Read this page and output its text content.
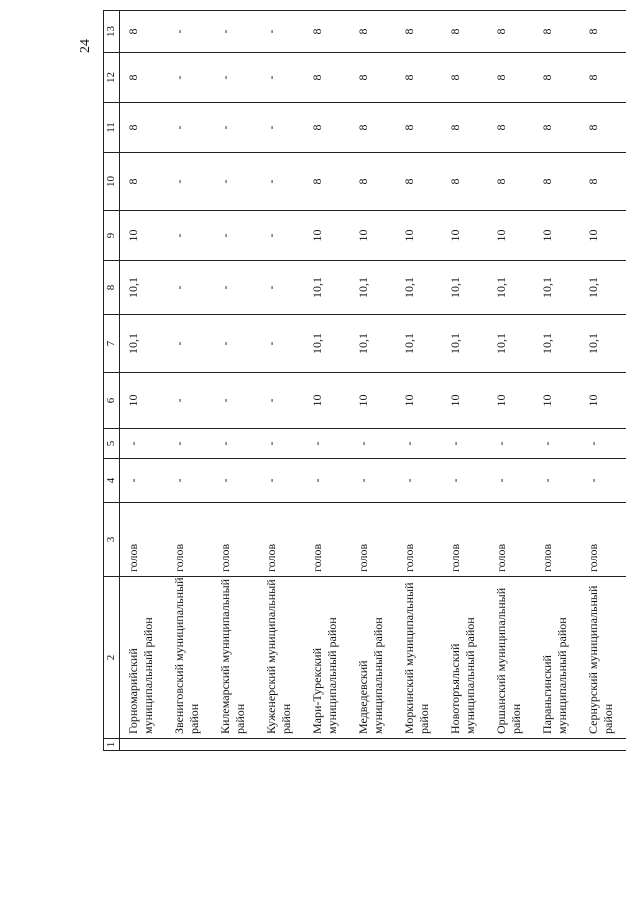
24
1	2	3	4	5	6	7	8	9	10	11	12	13
	Горномарийский муниципальный район	голов	-	-	10	10,1	10,1	10	8	8	8	8
	Звениговский муниципальный район	голов	-	-	-	-	-	-	-	-	-	-
	Килемарский муниципальный район	голов	-	-	-	-	-	-	-	-	-	-
	Куженерский муниципальный район	голов	-	-	-	-	-	-	-	-	-	-
	Мари-Турекский муниципальный район	голов	-	-	10	10,1	10,1	10	8	8	8	8
	Медведевский муниципальный район	голов	-	-	10	10,1	10,1	10	8	8	8	8
	Моркинский муниципальный район	голов	-	-	10	10,1	10,1	10	8	8	8	8
	Новоторъяльский муниципальный район	голов	-	-	10	10,1	10,1	10	8	8	8	8
	Оршанский муниципальный район	голов	-	-	10	10,1	10,1	10	8	8	8	8
	Параньгинский муниципальный район	голов	-	-	10	10,1	10,1	10	8	8	8	8
	Сернурский муниципальный район	голов	-	-	10	10,1	10,1	10	8	8	8	8
